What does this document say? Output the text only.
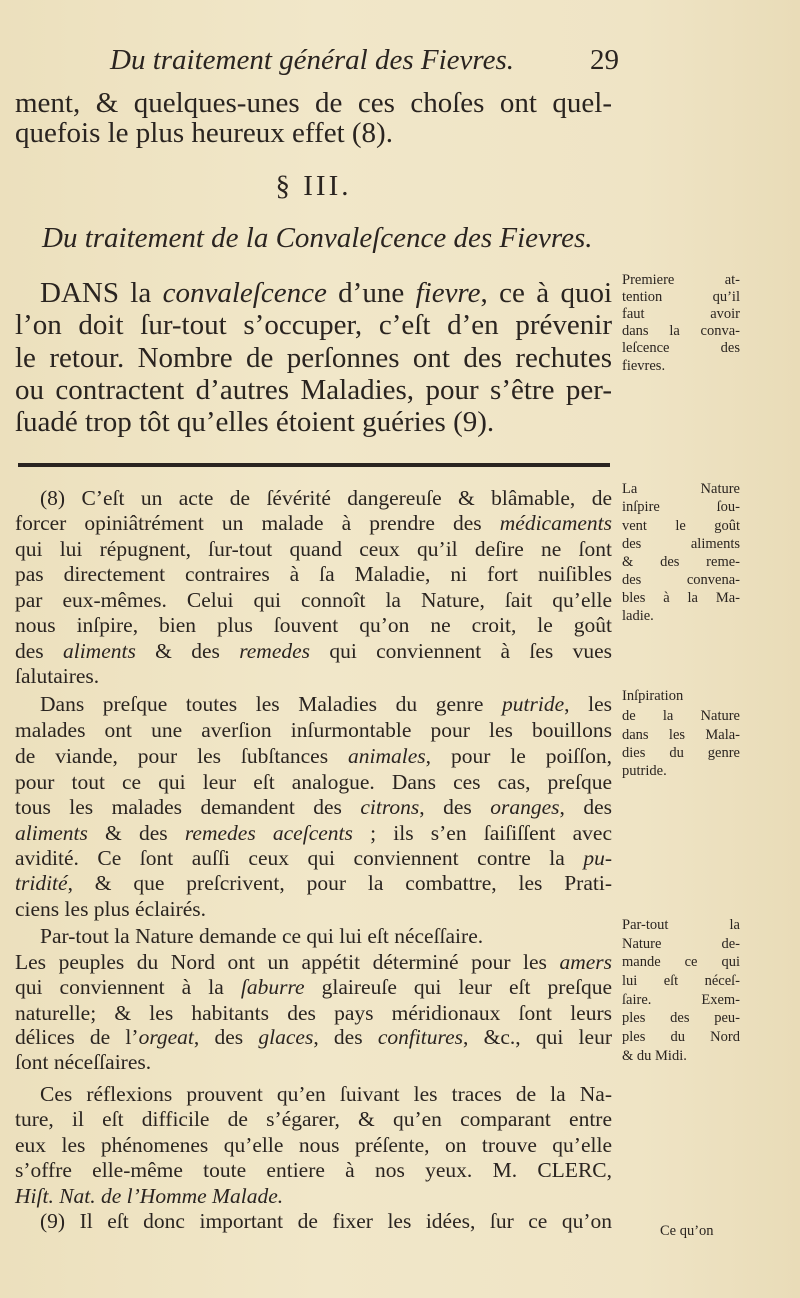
Du traitement général des Fievres.	29
§ III.
Du traitement de la Convaleſcence des Fievres.
ment, & quelques-unes de ces choſes ont quel-
quefois le plus heureux effet (8).
DANS la convaleſcence d’une fievre, ce à quoi
l’on doit ſur-tout s’occuper, c’eſt d’en prévenir
le retour. Nombre de perſonnes ont des rechutes
ou contractent d’autres Maladies, pour s’être per-
ſuadé trop tôt qu’elles étoient guéries (9).
(8) C’eſt un acte de ſévérité dangereuſe & blâmable, de
forcer opiniâtrément un malade à prendre des médicaments
qui lui répugnent, ſur-tout quand ceux qu’il deſire ne ſont
pas directement contraires à ſa Maladie, ni fort nuiſibles
par eux-mêmes. Celui qui connoît la Nature, ſait qu’elle
nous inſpire, bien plus ſouvent qu’on ne croit, le goût
des aliments & des remedes qui conviennent à ſes vues
ſalutaires.
Dans preſque toutes les Maladies du genre putride, les
malades ont une averſion inſurmontable pour les bouillons
de viande, pour les ſubſtances animales, pour le poiſſon,
pour tout ce qui leur eſt analogue. Dans ces cas, preſque
tous les malades demandent des citrons, des oranges, des
aliments & des remedes aceſcents ; ils s’en ſaiſiſſent avec
avidité. Ce ſont auſſi ceux qui conviennent contre la pu-
tridité, & que preſcrivent, pour la combattre, les Prati-
ciens les plus éclairés.
Par-tout la Nature demande ce qui lui eſt néceſſaire.
Les peuples du Nord ont un appétit déterminé pour les amers
qui conviennent à la ſaburre glaireuſe qui leur eſt preſque
naturelle; & les habitants des pays méridionaux ſont leurs
délices de l’orgeat, des glaces, des confitures, &c., qui leur
ſont néceſſaires.
Ces réflexions prouvent qu’en ſuivant les traces de la Na-
ture, il eſt difficile de s’égarer, & qu’en comparant entre
eux les phénomenes qu’elle nous préſente, on trouve qu’elle
s’offre elle-même toute entiere à nos yeux. M. CLERC,
Hiſt. Nat. de l’Homme Malade.
(9) Il eſt donc important de fixer les idées, ſur ce qu’on
Premiere at-
tention qu’il
faut avoir
dans la conva-
leſcence des
fievres.
La Nature
inſpire ſou-
vent le goût
des aliments
& des reme-
des convena-
bles à la Ma-
ladie.
Inſpiration
de la Nature
dans les Mala-
dies du genre
putride.
Par-tout la
Nature de-
mande ce qui
lui eſt néceſ-
ſaire. Exem-
ples des peu-
ples du Nord
& du Midi.
Ce qu’on
